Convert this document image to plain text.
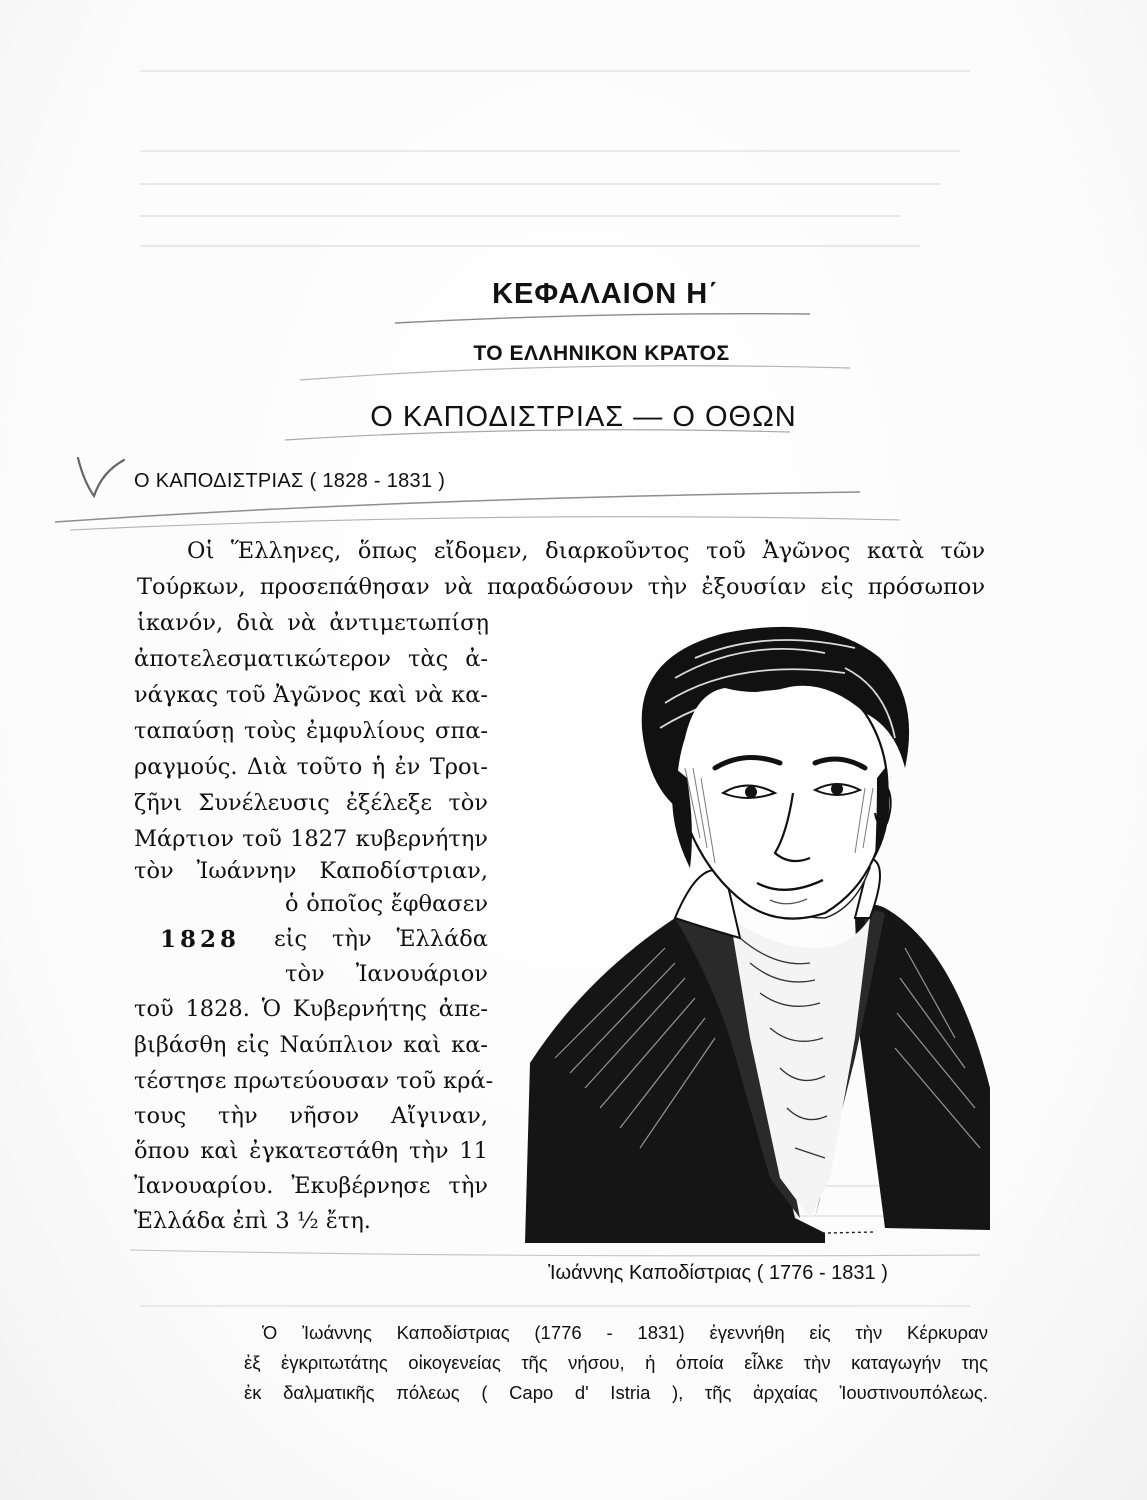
ΚΕΦΑΛΑΙΟΝ Η΄
ΤΟ ΕΛΛΗΝΙΚΟΝ ΚΡΑΤΟΣ
Ο ΚΑΠΟΔΙΣΤΡΙΑΣ — Ο ΟΘΩΝ
Ο ΚΑΠΟΔΙΣΤΡΙΑΣ ( 1828 - 1831 )
Οἱ Ἕλληνες, ὅπως εἴδομεν, διαρκοῦντος τοῦ Ἀγῶνος κατὰ τῶν
Τούρκων, προσεπάθησαν νὰ παραδώσουν τὴν ἐξουσίαν εἰς πρόσωπον
ἱκανόν, διὰ νὰ ἀντιμετωπίσῃ
ἀποτελεσματικώτερον τὰς ἀ-
νάγκας τοῦ Ἀγῶνος καὶ νὰ κα-
ταπαύσῃ τοὺς ἐμφυλίους σπα-
ραγμούς. Διὰ τοῦτο ἡ ἐν Τροι-
ζῆνι Συνέλευσις ἐξέλεξε τὸν
Μάρτιον τοῦ 1827 κυβερνήτην
τὸν Ἰωάννην Καποδίστριαν,
ὁ ὁποῖος ἔφθασεν
εἰς τὴν Ἑλλάδα
τὸν Ἰανουάριον
τοῦ 1828. Ὁ Κυβερνήτης ἀπε-
βιβάσθη εἰς Ναύπλιον καὶ κα-
τέστησε πρωτεύουσαν τοῦ κρά-
τους τὴν νῆσον Αἴγιναν,
ὅπου καὶ ἐγκατεστάθη τὴν 11
Ἰανουαρίου. Ἐκυβέρνησε τὴν
Ἑλλάδα ἐπὶ 3 ½ ἔτη.
1828
Ἰωάννης Καποδίστριας ( 1776 - 1831 )
Ὁ Ἰωάννης Καποδίστριας (1776 - 1831) ἐγεννήθη εἰς τὴν Κέρκυραν
ἐξ ἐγκριτωτάτης οἰκογενείας τῆς νήσου, ἡ ὁποία εἷλκε τὴν καταγωγήν της
ἐκ δαλματικῆς πόλεως ( Capo d' Istria ), τῆς ἀρχαίας Ἰουστινουπόλεως.
